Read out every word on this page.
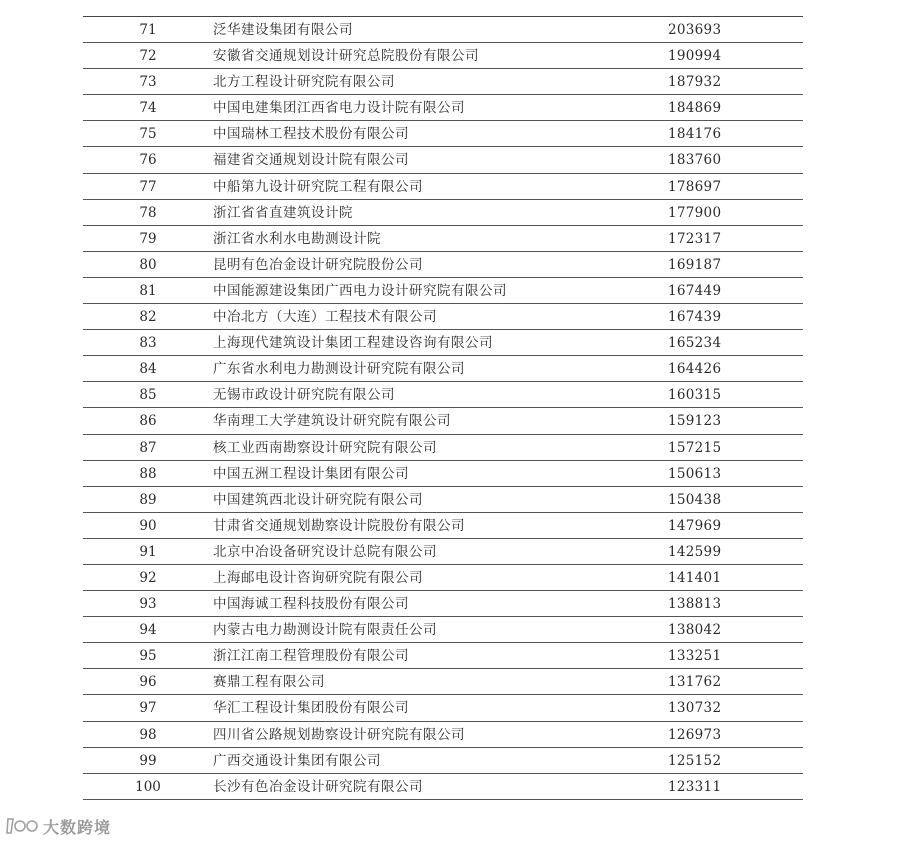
71	泛华建设集团有限公司	203693
72	安徽省交通规划设计研究总院股份有限公司	190994
73	北方工程设计研究院有限公司	187932
74	中国电建集团江西省电力设计院有限公司	184869
75	中国瑞林工程技术股份有限公司	184176
76	福建省交通规划设计院有限公司	183760
77	中船第九设计研究院工程有限公司	178697
78	浙江省省直建筑设计院	177900
79	浙江省水利水电勘测设计院	172317
80	昆明有色冶金设计研究院股份公司	169187
81	中国能源建设集团广西电力设计研究院有限公司	167449
82	中冶北方（大连）工程技术有限公司	167439
83	上海现代建筑设计集团工程建设咨询有限公司	165234
84	广东省水利电力勘测设计研究院有限公司	164426
85	无锡市政设计研究院有限公司	160315
86	华南理工大学建筑设计研究院有限公司	159123
87	核工业西南勘察设计研究院有限公司	157215
88	中国五洲工程设计集团有限公司	150613
89	中国建筑西北设计研究院有限公司	150438
90	甘肃省交通规划勘察设计院股份有限公司	147969
91	北京中冶设备研究设计总院有限公司	142599
92	上海邮电设计咨询研究院有限公司	141401
93	中国海诚工程科技股份有限公司	138813
94	内蒙古电力勘测设计院有限责任公司	138042
95	浙江江南工程管理股份有限公司	133251
96	赛鼎工程有限公司	131762
97	华汇工程设计集团股份有限公司	130732
98	四川省公路规划勘察设计研究院有限公司	126973
99	广西交通设计集团有限公司	125152
100	长沙有色冶金设计研究院有限公司	123311
大数跨境
